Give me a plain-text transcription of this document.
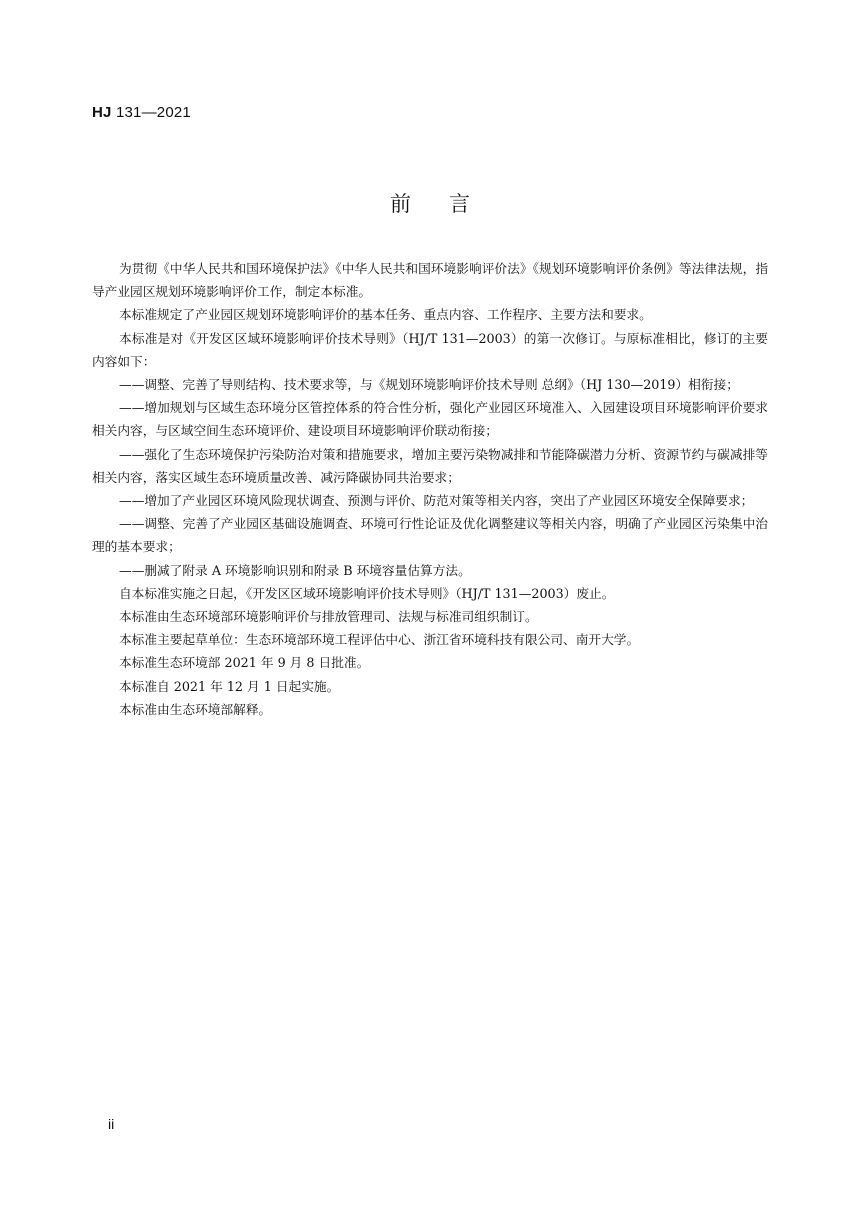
HJ 131—2021
前言

为贯彻《中华人民共和国环境保护法》《中华人民共和国环境影响评价法》《规划环境影响评价条例》等法律法规，指导产业园区规划环境影响评价工作，制定本标准。

本标准规定了产业园区规划环境影响评价的基本任务、重点内容、工作程序、主要方法和要求。

本标准是对《开发区区域环境影响评价技术导则》（HJ/T 131—2003）的第一次修订。与原标准相比，修订的主要内容如下：

——调整、完善了导则结构、技术要求等，与《规划环境影响评价技术导则 总纲》（HJ 130—2019）相衔接；

——增加规划与区域生态环境分区管控体系的符合性分析，强化产业园区环境准入、入园建设项目环境影响评价要求相关内容，与区域空间生态环境评价、建设项目环境影响评价联动衔接；

——强化了生态环境保护污染防治对策和措施要求，增加主要污染物减排和节能降碳潜力分析、资源节约与碳减排等相关内容，落实区域生态环境质量改善、减污降碳协同共治要求；

——增加了产业园区环境风险现状调查、预测与评价、防范对策等相关内容，突出了产业园区环境安全保障要求；

——调整、完善了产业园区基础设施调查、环境可行性论证及优化调整建议等相关内容，明确了产业园区污染集中治理的基本要求；

——删减了附录 A 环境影响识别和附录 B 环境容量估算方法。

自本标准实施之日起，《开发区区域环境影响评价技术导则》（HJ/T 131—2003）废止。

本标准由生态环境部环境影响评价与排放管理司、法规与标准司组织制订。

本标准主要起草单位：生态环境部环境工程评估中心、浙江省环境科技有限公司、南开大学。

本标准生态环境部 2021 年 9 月 8 日批准。

本标准自 2021 年 12 月 1 日起实施。

本标准由生态环境部解释。

ii
